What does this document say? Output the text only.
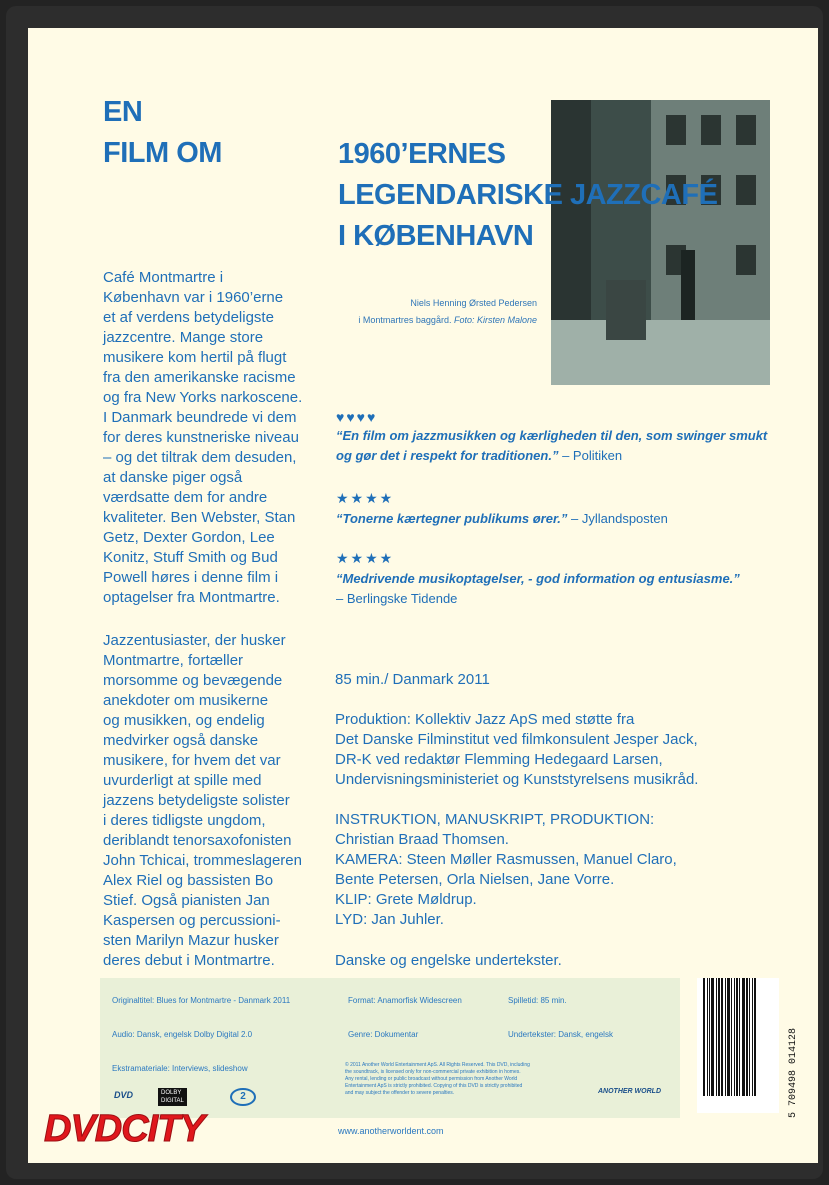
EN
FILM OM	1960’ERNES
LEGENDARISKE JAZZCAFÉ
I KØBENHAVN
Niels Henning Ørsted Pedersen
i Montmartres baggård. Foto: Kirsten Malone
Café Montmartre i
København var i 1960’erne
et af verdens betydeligste
jazzcentre. Mange store
musikere kom hertil på flugt
fra den amerikanske racisme
og fra New Yorks narkoscene.
I Danmark beundrede vi dem
for deres kunstneriske niveau
– og det tiltrak dem desuden,
at danske piger også
værdsatte dem for andre
kvaliteter. Ben Webster, Stan
Getz, Dexter Gordon, Lee
Konitz, Stuff Smith og Bud
Powell høres i denne film i
optagelser fra Montmartre.
Jazzentusiaster, der husker
Montmartre, fortæller
morsomme og bevægende
anekdoter om musikerne
og musikken, og endelig
medvirker også danske
musikere, for hvem det var
uvurderligt at spille med
jazzens betydeligste solister
i deres tidligste ungdom,
deriblandt tenorsaxofonisten
John Tchicai, trommeslageren
Alex Riel og bassisten Bo
Stief. Også pianisten Jan
Kaspersen og percussioni-
sten Marilyn Mazur husker
deres debut i Montmartre.
♥♥♥♥
“En film om jazzmusikken og kærligheden til den, som swinger smukt
og gør det i respekt for traditionen.” – Politiken
★★★★
“Tonerne kærtegner publikums ører.” – Jyllandsposten
★★★★
“Medrivende musikoptagelser, - god information og entusiasme.”
– Berlingske Tidende
85 min./ Danmark 2011
Produktion: Kollektiv Jazz ApS med støtte fra
Det Danske Filminstitut ved filmkonsulent Jesper Jack,
DR-K ved redaktør Flemming Hedegaard Larsen,
Undervisningsministeriet og Kunststyrelsens musikråd.
INSTRUKTION, MANUSKRIPT, PRODUKTION:
Christian Braad Thomsen.
KAMERA: Steen Møller Rasmussen, Manuel Claro,
Bente Petersen, Orla Nielsen, Jane Vorre.
KLIP: Grete Møldrup.
LYD: Jan Juhler.
Danske og engelske undertekster.
Originaltitel: Blues for Montmartre - Danmark 2011	Format: Anamorfisk Widescreen	Spilletid: 85 min.
Audio: Dansk, engelsk Dolby Digital 2.0	Genre: Dokumentar	Undertekster: Dansk, engelsk
Ekstramateriale: Interviews, slideshow	© 2011 Another World Entertainment ApS. All Rights Reserved. This DVD, including
the soundtrack, is licensed only for non-commercial private exhibition in homes.
Any rental, lending or public broadcast without permission from Another World
Entertainment ApS is strictly prohibited. Copying of this DVD is strictly prohibited
and may subject the offender to severe penalties.
DVD	DOLBY
DIGITAL	2	ANOTHER WORLD
www.anotherworldent.com
5 709498 014128
DVDCITY
